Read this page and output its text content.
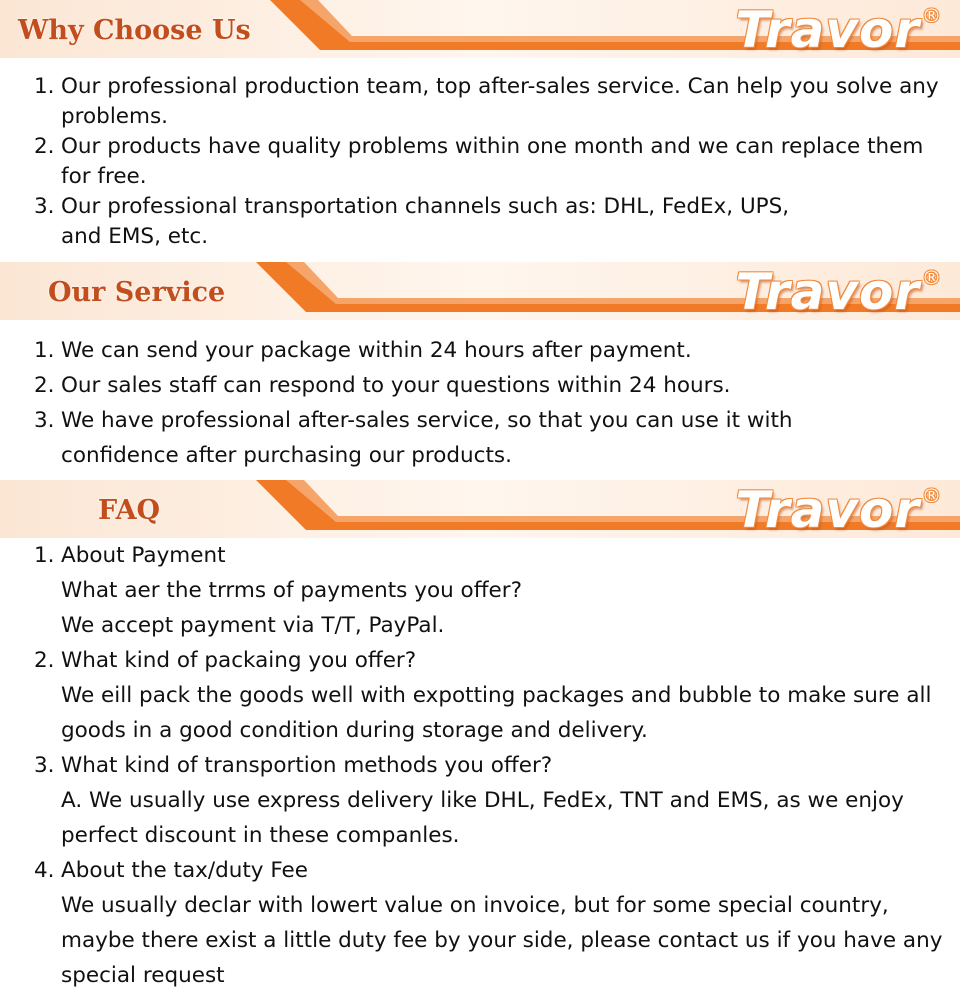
Why Choose Us	Travor ®
1. Our professional production team, top after-sales service. Can help you solve any problems.
2. Our products have quality problems within one month and we can replace them for free.
3. Our professional transportation channels such as: DHL, FedEx, UPS, and EMS, etc.
Our Service	Travor ®
1. We can send your package within 24 hours after payment.
2. Our sales staff can respond to your questions within 24 hours.
3. We have professional after-sales service, so that you can use it with confidence after purchasing our products.
FAQ	Travor ®
1. About Payment
What aer the trrms of payments you offer?
We accept payment via T/T, PayPal.
2. What kind of packaing you offer?
We eill pack the goods well with expotting packages and bubble to make sure all goods in a good condition during storage and delivery.
3. What kind of transportion methods you offer?
A. We usually use express delivery like DHL, FedEx, TNT and EMS, as we enjoy perfect discount in these companles.
4. About the tax/duty Fee
We usually declar with lowert value on invoice, but for some special country, maybe there exist a little duty fee by your side, please contact us if you have any special request
